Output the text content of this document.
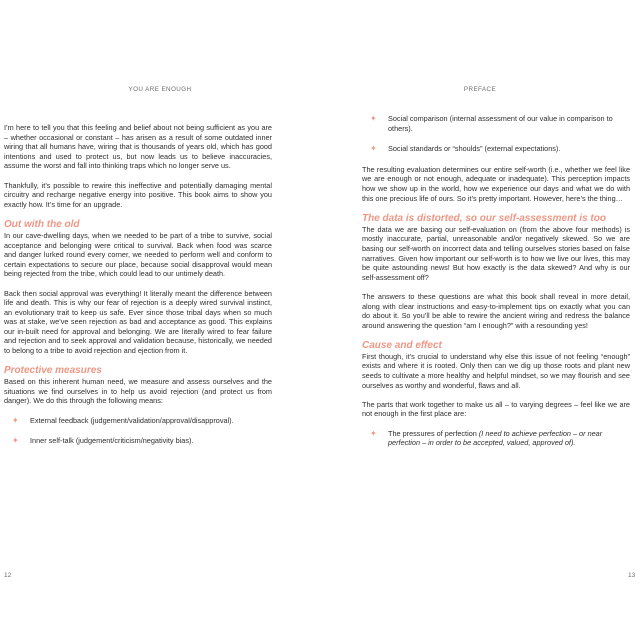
YOU ARE ENOUGH

I’m here to tell you that this feeling and belief about not being sufficient as you are – whether occasional or constant – has arisen as a result of some outdated inner wiring that all humans have, wiring that is thousands of years old, which has good intentions and used to protect us, but now leads us to believe inaccuracies, assume the worst and fall into thinking traps which no longer serve us.

Thankfully, it’s possible to rewire this ineffective and potentially damaging mental circuitry and recharge negative energy into positive. This book aims to show you exactly how. It’s time for an upgrade.

Out with the old

In our cave-dwelling days, when we needed to be part of a tribe to survive, social acceptance and belonging were critical to survival. Back when food was scarce and danger lurked round every corner, we needed to perform well and conform to certain expectations to secure our place, because social disapproval would mean being rejected from the tribe, which could lead to our untimely death.

Back then social approval was everything! It literally meant the difference between life and death. This is why our fear of rejection is a deeply wired survival instinct, an evolutionary trait to keep us safe. Ever since those tribal days when so much was at stake, we’ve seen rejection as bad and acceptance as good. This explains our in-built need for approval and belonging. We are literally wired to fear failure and rejection and to seek approval and validation because, historically, we needed to belong to a tribe to avoid rejection and ejection from it.

Protective measures

Based on this inherent human need, we measure and assess ourselves and the situations we find ourselves in to help us avoid rejection (and protect us from danger). We do this through the following means:

✦ External feedback (judgement/validation/approval/disapproval).
✦ Inner self-talk (judgement/criticism/negativity bias).
12
PREFACE
✦ Social comparison (internal assessment of our value in comparison to others).
✦ Social standards or “shoulds” (external expectations).

The resulting evaluation determines our entire self-worth (i.e., whether we feel like we are enough or not enough, adequate or inadequate). This perception impacts how we show up in the world, how we experience our days and what we do with this one precious life of ours. So it’s pretty important. However, here’s the thing…

The data is distorted, so our self-assessment is too

The data we are basing our self-evaluation on (from the above four methods) is mostly inaccurate, partial, unreasonable and/or negatively skewed. So we are basing our self-worth on incorrect data and telling ourselves stories based on false narratives. Given how important our self-worth is to how we live our lives, this may be quite astounding news! But how exactly is the data skewed? And why is our self-assessment off?

The answers to these questions are what this book shall reveal in more detail, along with clear instructions and easy-to-implement tips on exactly what you can do about it. So you’ll be able to rewire the ancient wiring and redress the balance around answering the question “am I enough?” with a resounding yes!

Cause and effect

First though, it’s crucial to understand why else this issue of not feeling “enough” exists and where it is rooted. Only then can we dig up those roots and plant new seeds to cultivate a more healthy and helpful mindset, so we may flourish and see ourselves as worthy and wonderful, flaws and all.

The parts that work together to make us all – to varying degrees – feel like we are not enough in the first place are:

✦ The pressures of perfection (I need to achieve perfection – or near perfection – in order to be accepted, valued, approved of).
13
